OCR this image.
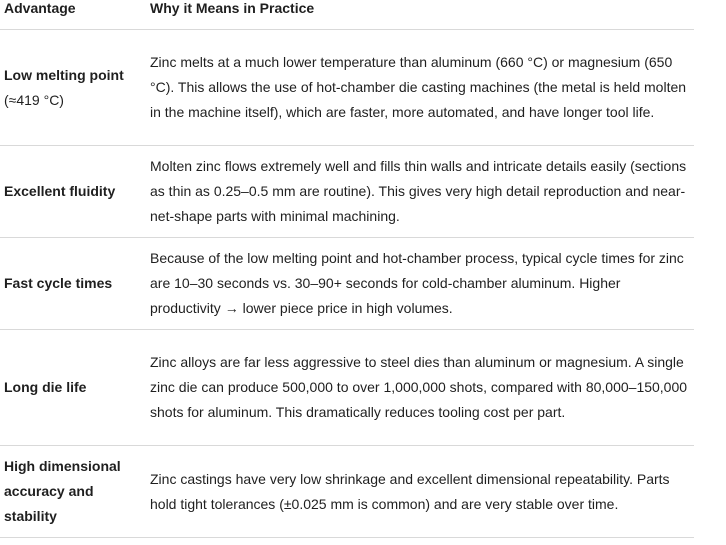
Advantage	Why it Means in Practice

Low melting point
(≈419 °C)	Zinc melts at a much lower temperature than aluminum (660 °C) or magnesium (650 °C). This allows the use of hot-chamber die casting machines (the metal is held molten in the machine itself), which are faster, more automated, and have longer tool life.

Excellent fluidity	Molten zinc flows extremely well and fills thin walls and intricate details easily (sections as thin as 0.25–0.5 mm are routine). This gives very high detail reproduction and near-net-shape parts with minimal machining.

Fast cycle times	Because of the low melting point and hot-chamber process, typical cycle times for zinc are 10–30 seconds vs. 30–90+ seconds for cold-chamber aluminum. Higher productivity → lower piece price in high volumes.

Long die life	Zinc alloys are far less aggressive to steel dies than aluminum or magnesium. A single zinc die can produce 500,000 to over 1,000,000 shots, compared with 80,000–150,000 shots for aluminum. This dramatically reduces tooling cost per part.

High dimensional accuracy and stability	Zinc castings have very low shrinkage and excellent dimensional repeatability. Parts hold tight tolerances (±0.025 mm is common) and are very stable over time.
